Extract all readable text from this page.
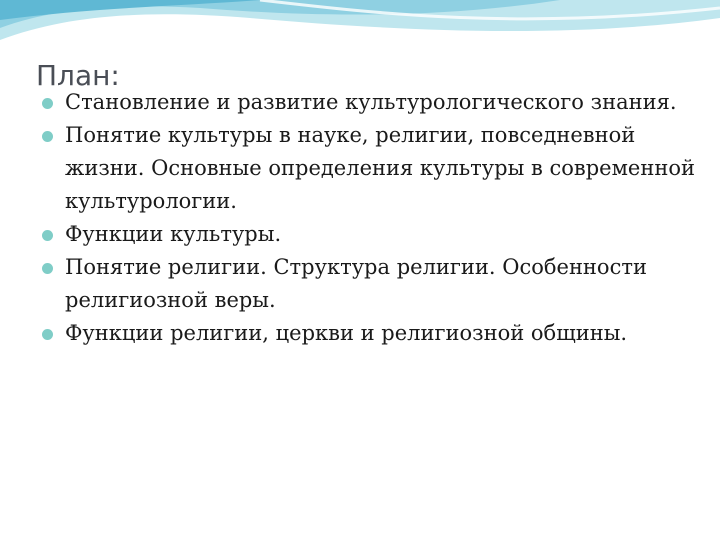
План:
Становление и развитие культурологического знания.
Понятие культуры в науке, религии, повседневной жизни. Основные определения культуры в современной культурологии.
Функции культуры.
Понятие религии. Структура религии. Особенности религиозной веры.
Функции религии, церкви и религиозной общины.
